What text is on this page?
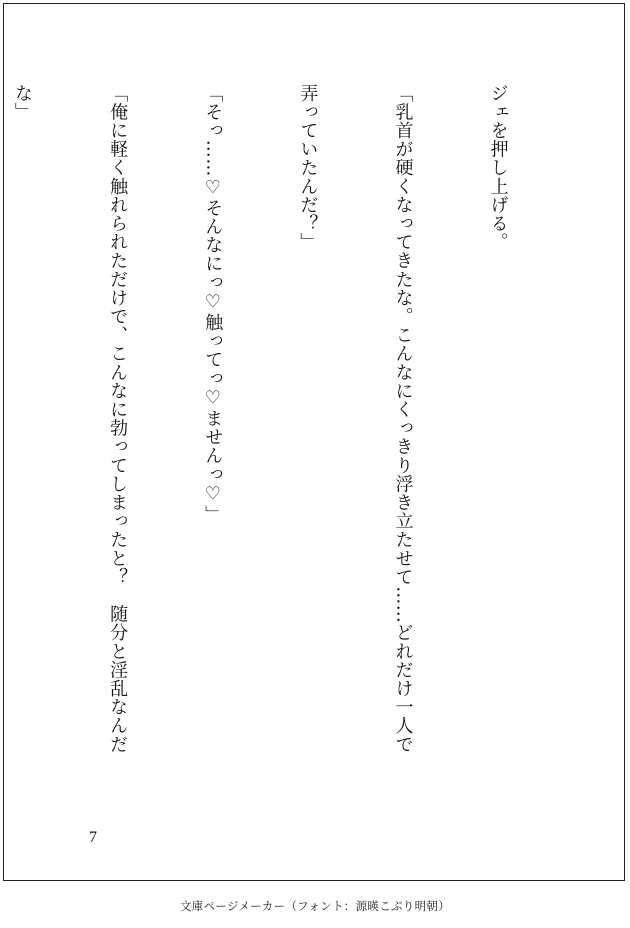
ジェを押し上げる。

「乳首が硬くなってきたな。こんなにくっきり浮き立たせて……どれだけ一人で

弄っていたんだ？」

「そっ……♡そんなにっ♡触ってっ♡ませんっ♡」

「俺に軽く触れられただけで、こんなに勃ってしまったと？　随分と淫乱なんだ

な」

7
文庫ページメーカー（フォント：源暎こぶり明朝）
